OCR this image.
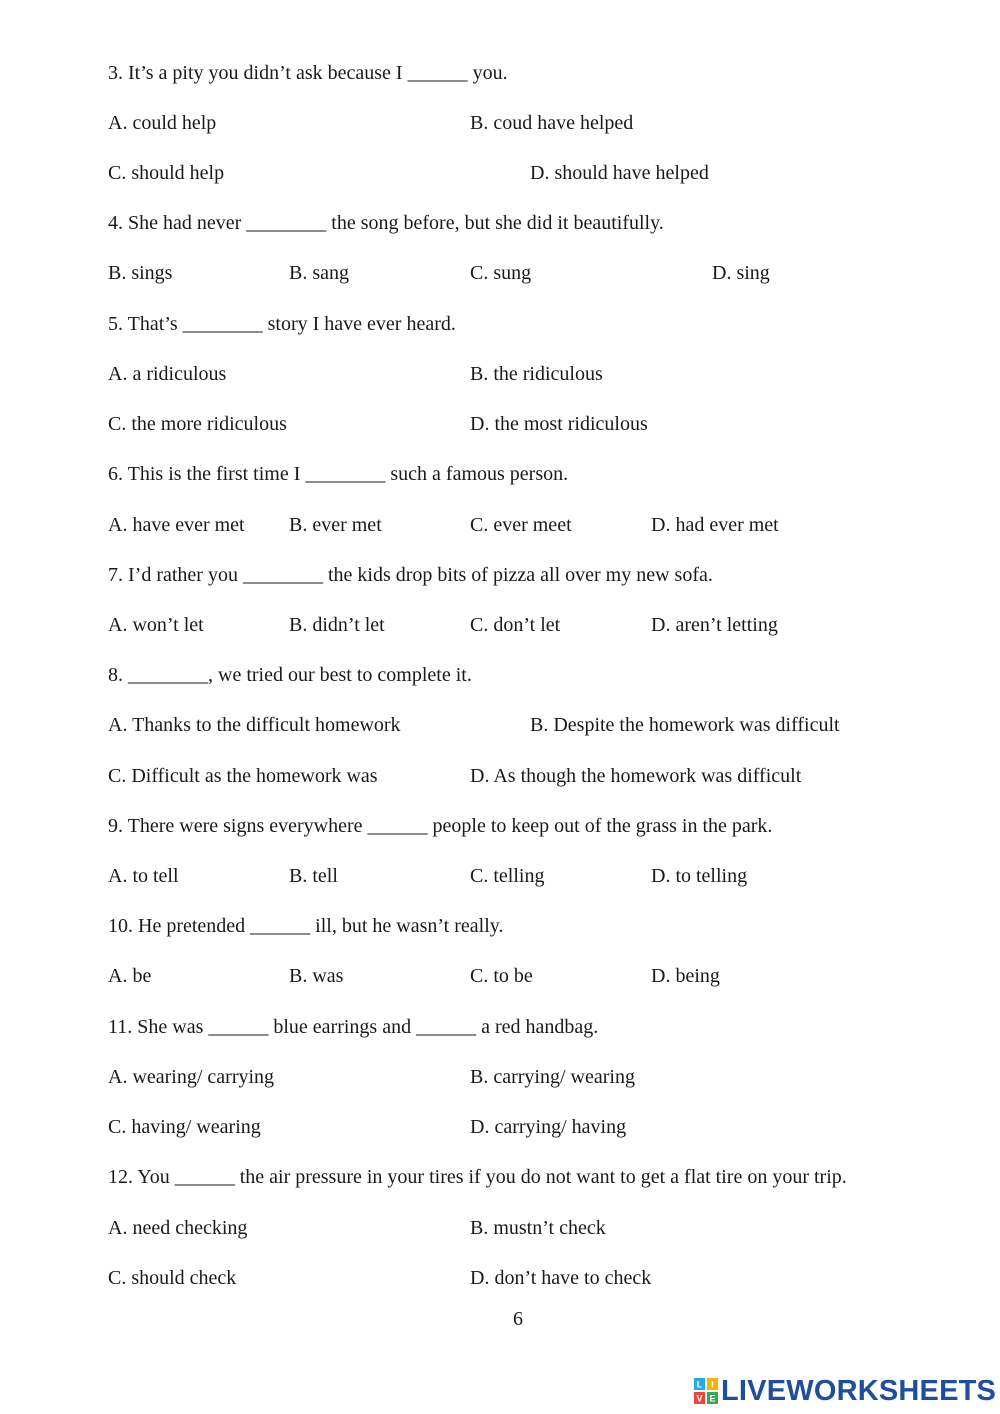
3. It’s a pity you didn’t ask because I ______ you.
A. could help	B. coud have helped
C. should help	D. should have helped
4. She had never ________ the song before, but she did it beautifully.
B. sings	B. sang	C. sung	D. sing
5. That’s ________ story I have ever heard.
A. a ridiculous	B. the ridiculous
C. the more ridiculous	D. the most ridiculous
6. This is the first time I ________ such a famous person.
A. have ever met B. ever met	C. ever meet	D. had ever met
7. I’d rather you ________ the kids drop bits of pizza all over my new sofa.
A. won’t let	B. didn’t let	C. don’t let	D. aren’t letting
8. ________, we tried our best to complete it.
A. Thanks to the difficult homework	B. Despite the homework was difficult
C. Difficult as the homework was	D. As though the homework was difficult
9. There were signs everywhere ______ people to keep out of the grass in the park.
A. to tell	B. tell	C. telling	D. to telling
10. He pretended ______ ill, but he wasn’t really.
A. be	B. was	C. to be	D. being
11. She was ______ blue earrings and ______ a red handbag.
A. wearing/ carrying	B. carrying/ wearing
C. having/ wearing	D. carrying/ having
12. You ______ the air pressure in your tires if you do not want to get a flat tire on your trip.
A. need checking	B. mustn’t check
C. should check	D. don’t have to check
6
L I
V E LIVEWORKSHEETS
